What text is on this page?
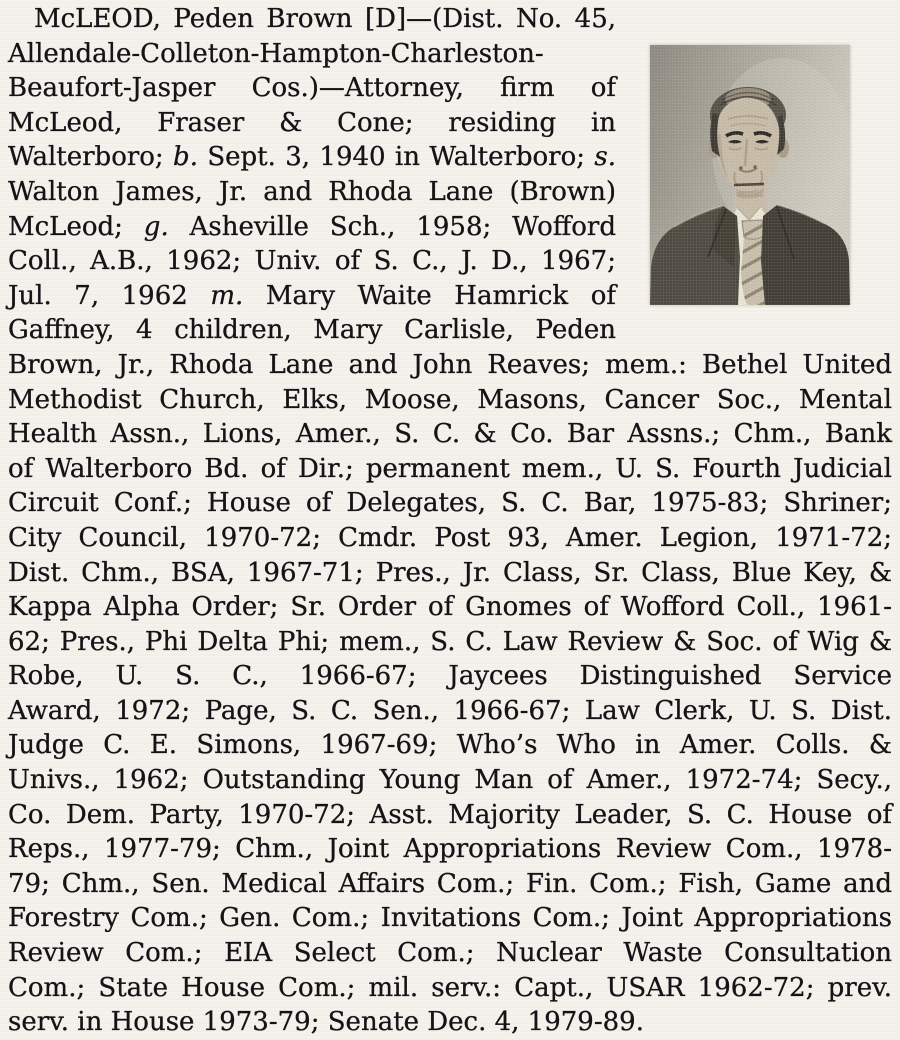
McLEOD, Peden Brown [D]—(Dist. No. 45,
Allendale-Colleton-Hampton-Charleston-
Beaufort-Jasper Cos.)—Attorney, firm of
McLeod, Fraser & Cone; residing in
Walterboro; b. Sept. 3, 1940 in Walterboro; s.
Walton James, Jr. and Rhoda Lane (Brown)
McLeod; g. Asheville Sch., 1958; Wofford
Coll., A.B., 1962; Univ. of S. C., J. D., 1967;
Jul. 7, 1962 m. Mary Waite Hamrick of
Gaffney, 4 children, Mary Carlisle, Peden
Brown, Jr., Rhoda Lane and John Reaves; mem.: Bethel United
Methodist Church, Elks, Moose, Masons, Cancer Soc., Mental
Health Assn., Lions, Amer., S. C. & Co. Bar Assns.; Chm., Bank
of Walterboro Bd. of Dir.; permanent mem., U. S. Fourth Judicial
Circuit Conf.; House of Delegates, S. C. Bar, 1975-83; Shriner;
City Council, 1970-72; Cmdr. Post 93, Amer. Legion, 1971-72;
Dist. Chm., BSA, 1967-71; Pres., Jr. Class, Sr. Class, Blue Key, &
Kappa Alpha Order; Sr. Order of Gnomes of Wofford Coll., 1961-
62; Pres., Phi Delta Phi; mem., S. C. Law Review & Soc. of Wig &
Robe, U. S. C., 1966-67; Jaycees Distinguished Service
Award, 1972; Page, S. C. Sen., 1966-67; Law Clerk, U. S. Dist.
Judge C. E. Simons, 1967-69; Who’s Who in Amer. Colls. &
Univs., 1962; Outstanding Young Man of Amer., 1972-74; Secy.,
Co. Dem. Party, 1970-72; Asst. Majority Leader, S. C. House of
Reps., 1977-79; Chm., Joint Appropriations Review Com., 1978-
79; Chm., Sen. Medical Affairs Com.; Fin. Com.; Fish, Game and
Forestry Com.; Gen. Com.; Invitations Com.; Joint Appropriations
Review Com.; EIA Select Com.; Nuclear Waste Consultation
Com.; State House Com.; mil. serv.: Capt., USAR 1962-72; prev.
serv. in House 1973-79; Senate Dec. 4, 1979-89.
